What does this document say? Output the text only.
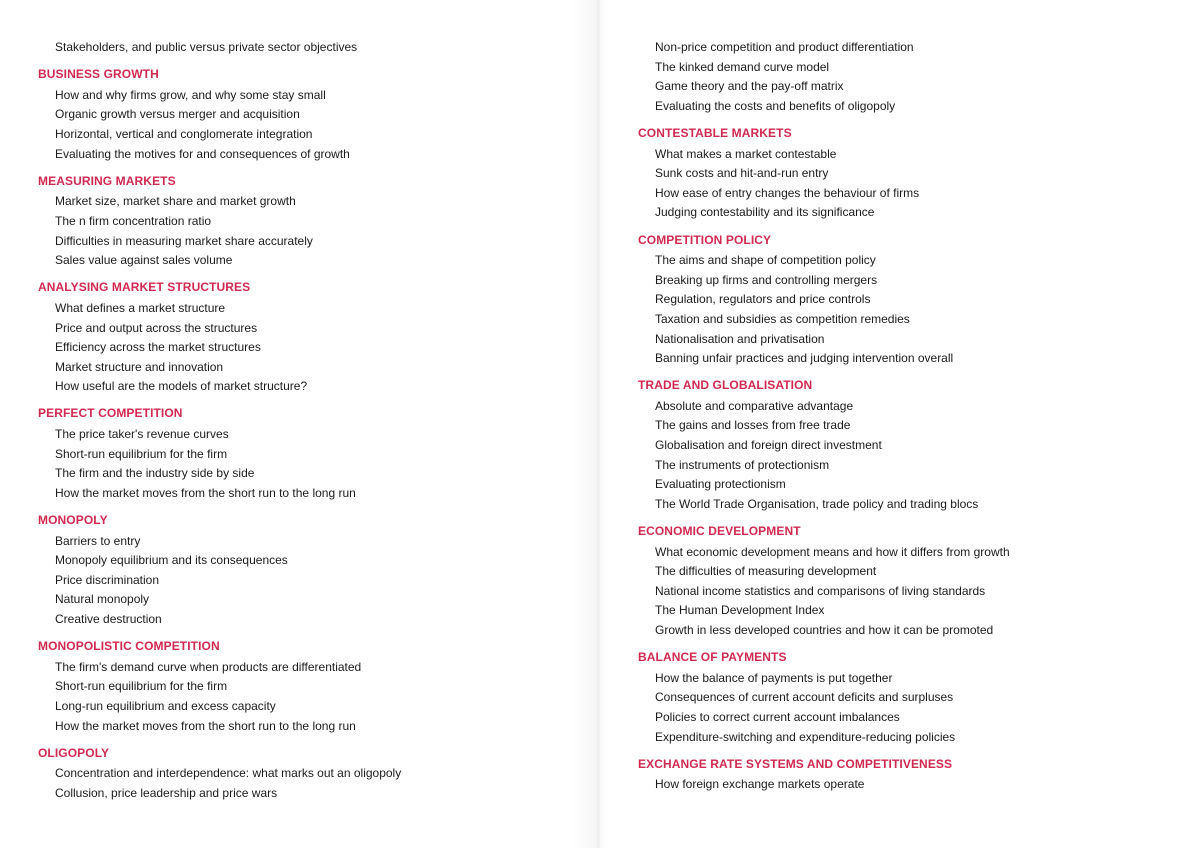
Stakeholders, and public versus private sector objectives
BUSINESS GROWTH
How and why firms grow, and why some stay small
Organic growth versus merger and acquisition
Horizontal, vertical and conglomerate integration
Evaluating the motives for and consequences of growth
MEASURING MARKETS
Market size, market share and market growth
The n firm concentration ratio
Difficulties in measuring market share accurately
Sales value against sales volume
ANALYSING MARKET STRUCTURES
What defines a market structure
Price and output across the structures
Efficiency across the market structures
Market structure and innovation
How useful are the models of market structure?
PERFECT COMPETITION
The price taker's revenue curves
Short-run equilibrium for the firm
The firm and the industry side by side
How the market moves from the short run to the long run
MONOPOLY
Barriers to entry
Monopoly equilibrium and its consequences
Price discrimination
Natural monopoly
Creative destruction
MONOPOLISTIC COMPETITION
The firm's demand curve when products are differentiated
Short-run equilibrium for the firm
Long-run equilibrium and excess capacity
How the market moves from the short run to the long run
OLIGOPOLY
Concentration and interdependence: what marks out an oligopoly
Collusion, price leadership and price wars
Non-price competition and product differentiation
The kinked demand curve model
Game theory and the pay-off matrix
Evaluating the costs and benefits of oligopoly
CONTESTABLE MARKETS
What makes a market contestable
Sunk costs and hit-and-run entry
How ease of entry changes the behaviour of firms
Judging contestability and its significance
COMPETITION POLICY
The aims and shape of competition policy
Breaking up firms and controlling mergers
Regulation, regulators and price controls
Taxation and subsidies as competition remedies
Nationalisation and privatisation
Banning unfair practices and judging intervention overall
TRADE AND GLOBALISATION
Absolute and comparative advantage
The gains and losses from free trade
Globalisation and foreign direct investment
The instruments of protectionism
Evaluating protectionism
The World Trade Organisation, trade policy and trading blocs
ECONOMIC DEVELOPMENT
What economic development means and how it differs from growth
The difficulties of measuring development
National income statistics and comparisons of living standards
The Human Development Index
Growth in less developed countries and how it can be promoted
BALANCE OF PAYMENTS
How the balance of payments is put together
Consequences of current account deficits and surpluses
Policies to correct current account imbalances
Expenditure-switching and expenditure-reducing policies
EXCHANGE RATE SYSTEMS AND COMPETITIVENESS
How foreign exchange markets operate
